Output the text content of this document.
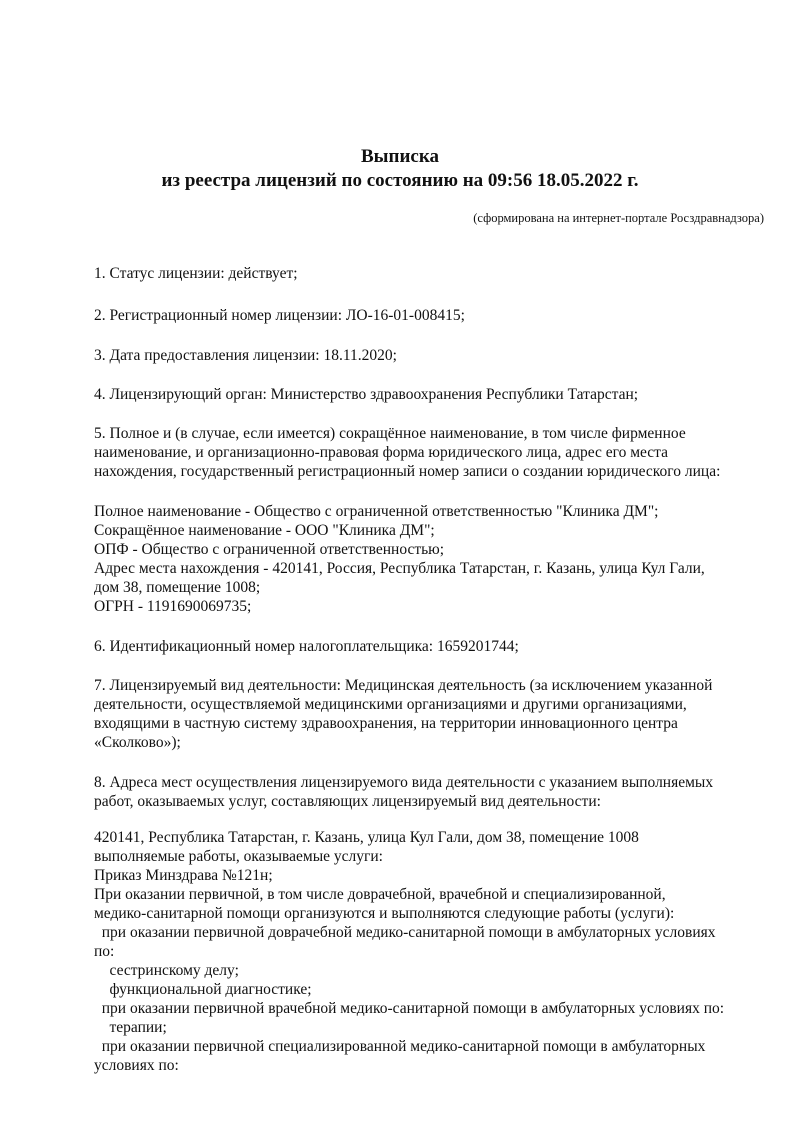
Выписка
из реестра лицензий по состоянию на 09:56 18.05.2022 г.
(сформирована на интернет-портале Росздравнадзора)
1. Статус лицензии: действует;
2. Регистрационный номер лицензии: ЛО-16-01-008415;
3. Дата предоставления лицензии: 18.11.2020;
4. Лицензирующий орган: Министерство здравоохранения Республики Татарстан;
5. Полное и (в случае, если имеется) сокращённое наименование, в том числе фирменное
наименование, и организационно-правовая форма юридического лица, адрес его места
нахождения, государственный регистрационный номер записи о создании юридического лица:
Полное наименование - Общество с ограниченной ответственностью "Клиника ДМ";
Сокращённое наименование - ООО "Клиника ДМ";
ОПФ - Общество с ограниченной ответственностью;
Адрес места нахождения - 420141, Россия, Республика Татарстан, г. Казань, улица Кул Гали,
дом 38, помещение 1008;
ОГРН - 1191690069735;
6. Идентификационный номер налогоплательщика: 1659201744;
7. Лицензируемый вид деятельности: Медицинская деятельность (за исключением указанной
деятельности, осуществляемой медицинскими организациями и другими организациями,
входящими в частную систему здравоохранения, на территории инновационного центра
«Сколково»);
8. Адреса мест осуществления лицензируемого вида деятельности с указанием выполняемых
работ, оказываемых услуг, составляющих лицензируемый вид деятельности:
420141, Республика Татарстан, г. Казань, улица Кул Гали, дом 38, помещение 1008
выполняемые работы, оказываемые услуги:
Приказ Минздрава №121н;
При оказании первичной, в том числе доврачебной, врачебной и специализированной,
медико-санитарной помощи организуются и выполняются следующие работы (услуги):
при оказании первичной доврачебной медико-санитарной помощи в амбулаторных условиях
по:
сестринскому делу;
функциональной диагностике;
при оказании первичной врачебной медико-санитарной помощи в амбулаторных условиях по:
терапии;
при оказании первичной специализированной медико-санитарной помощи в амбулаторных
условиях по:
